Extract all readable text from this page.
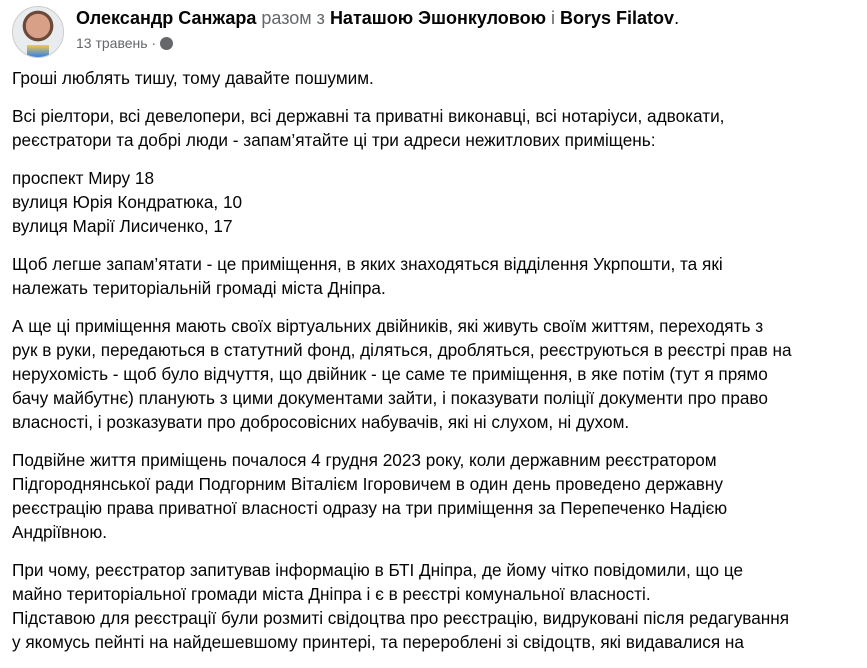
Олександр Санжара разом з Наташою Эшонкуловою і Borys Filatov.
13 травень ·

Гроші люблять тишу, тому давайте пошумим.

Всі ріелтори, всі девелопери, всі державні та приватні виконавці, всі нотаріуси, адвокати,
реєстратори та добрі люди - запам’ятайте ці три адреси нежитлових приміщень:

проспект Миру 18
вулиця Юрія Кондратюка, 10
вулиця Марії Лисиченко, 17

Щоб легше запам’ятати - це приміщення, в яких знаходяться відділення Укрпошти, та які
належать територіальній громаді міста Дніпра.

А ще ці приміщення мають своїх віртуальних двійників, які живуть своїм життям, переходять з
рук в руки, передаються в статутний фонд, діляться, дробляться, реєструються в реєстрі прав на
нерухомість - щоб було відчуття, що двійник - це саме те приміщення, в яке потім (тут я прямо
бачу майбутнє) планують з цими документами зайти, і показувати поліції документи про право
власності, і розказувати про добросовісних набувачів, які ні слухом, ні духом.

Подвійне життя приміщень почалося 4 грудня 2023 року, коли державним реєстратором
Підгороднянської ради Подгорним Віталієм Ігоровичем в один день проведено державну
реєстрацію права приватної власності одразу на три приміщення за Перепеченко Надією
Андріївною.

При чому, реєстратор запитував інформацію в БТІ Дніпра, де йому чітко повідомили, що це
майно територіальної громади міста Дніпра і є в реєстрі комунальної власності.
Підставою для реєстрації були розмиті свідоцтва про реєстрацію, видруковані після редагування
у якомусь пейнті на найдешевшому принтері, та перероблені зі свідоцтв, які видавалися на
